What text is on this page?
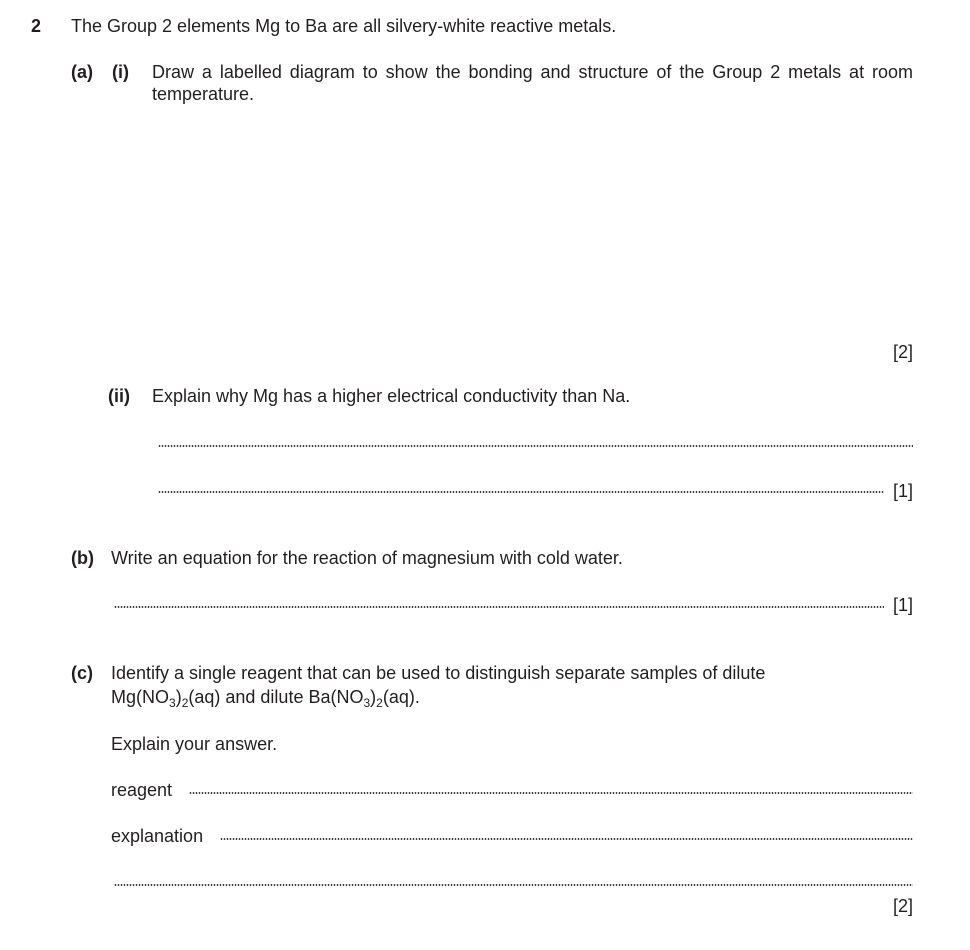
2 The Group 2 elements Mg to Ba are all silvery-white reactive metals.
(a) (i) Draw a labelled diagram to show the bonding and structure of the Group 2 metals at room temperature.
[2]
(ii) Explain why Mg has a higher electrical conductivity than Na.
[1]
(b) Write an equation for the reaction of magnesium with cold water.
[1]
(c) Identify a single reagent that can be used to distinguish separate samples of dilute
$Mg(NO_3)_2(aq)$ and dilute $Ba(NO_3)_2(aq)$.
Explain your answer.
reagent
explanation
[2]
